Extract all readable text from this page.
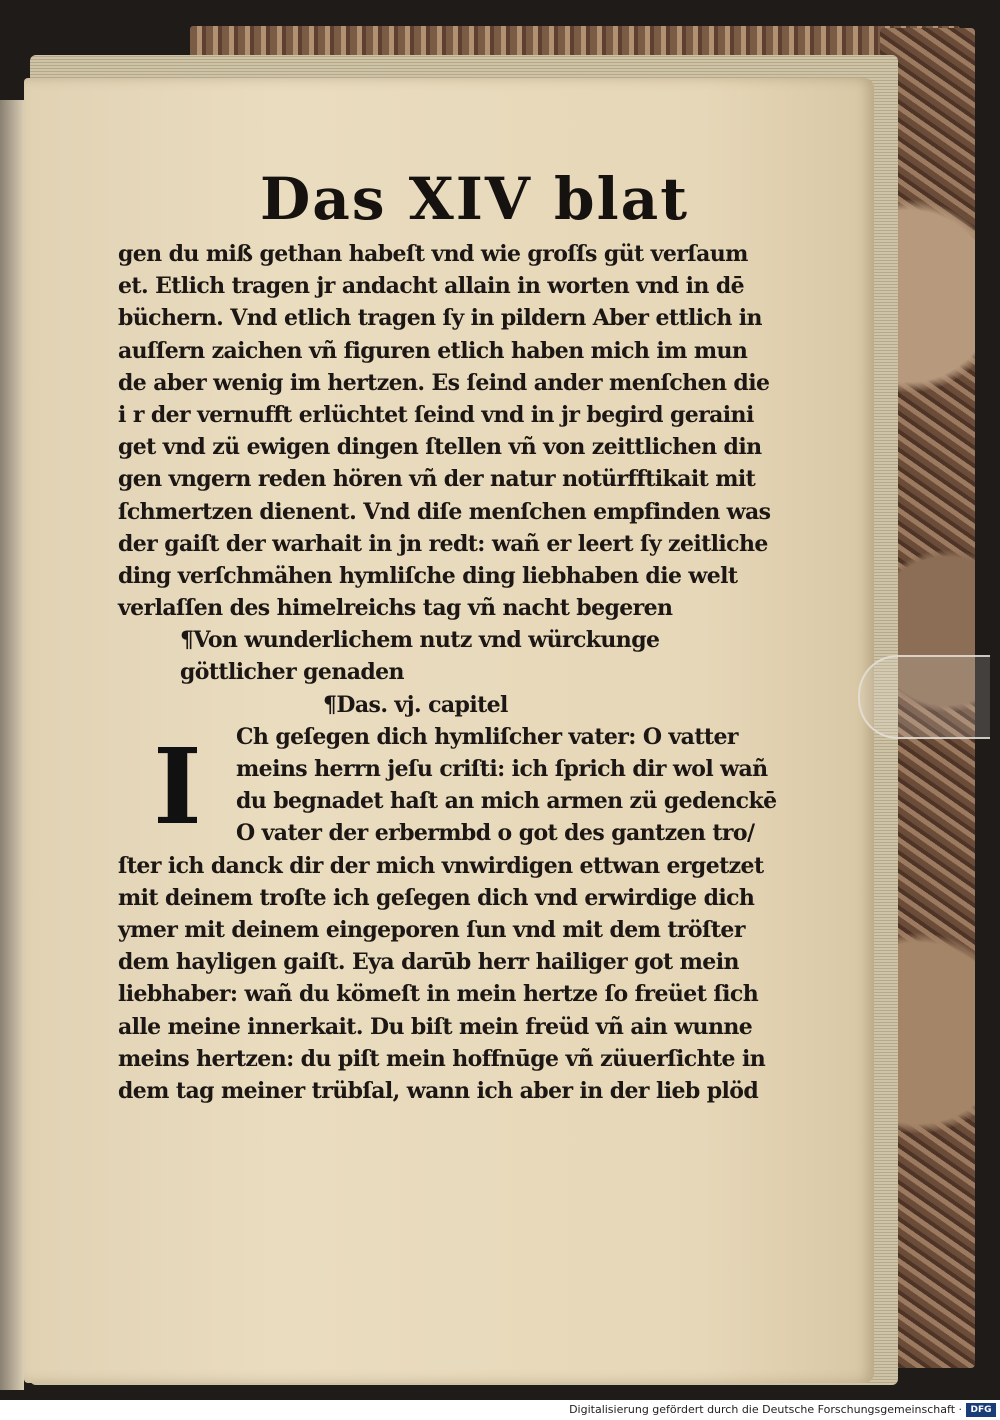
Das XIV blat
I
gen du miß gethan habeſt vnd wie groſſs güt verſaum
et. Etlich tragen jr andacht allain in worten vnd in dē
büchern. Vnd etlich tragen ſy in pildern Aber ettlich in
auſſern zaichen vñ figuren etlich haben mich im mun
de aber wenig im hertzen. Es ſeind ander menſchen die
i r der vernufft erlüchtet ſeind vnd in jr begird geraini
get vnd zü ewigen dingen ſtellen vñ von zeittlichen din
gen vngern reden hören vñ der natur notürfftikait mit
ſchmertzen dienent. Vnd diſe menſchen empfinden was
der gaiſt der warhait in jn redt: wañ er leert ſy zeitliche
ding verſchmähen hymliſche ding liebhaben die welt
verlaſſen des himelreichs tag vñ nacht begeren
¶Von wunderlichem nutz vnd würckunge
göttlicher genaden
¶Das. vj. capitel
Ch geſegen dich hymliſcher vater: O vatter
meins herrn jeſu criſti: ich ſprich dir wol wañ
du begnadet haſt an mich armen zü gedenckē
O vater der erbermbd o got des gantzen tro/
ſter ich danck dir der mich vnwirdigen ettwan ergetzet
mit deinem troſte ich geſegen dich vnd erwirdige dich
ymer mit deinem eingeporen ſun vnd mit dem tröſter
dem hayligen gaiſt. Eya darūb herr hailiger got mein
liebhaber: wañ du kömeſt in mein hertze ſo freüet ſich
alle meine innerkait. Du biſt mein freüd vñ ain wunne
meins hertzen: du piſt mein hoffnūge vñ züuerſichte in
dem tag meiner trübſal, wann ich aber in der lieb plöd
Digitalisierung gefördert durch die Deutsche Forschungsgemeinschaft · DFG
